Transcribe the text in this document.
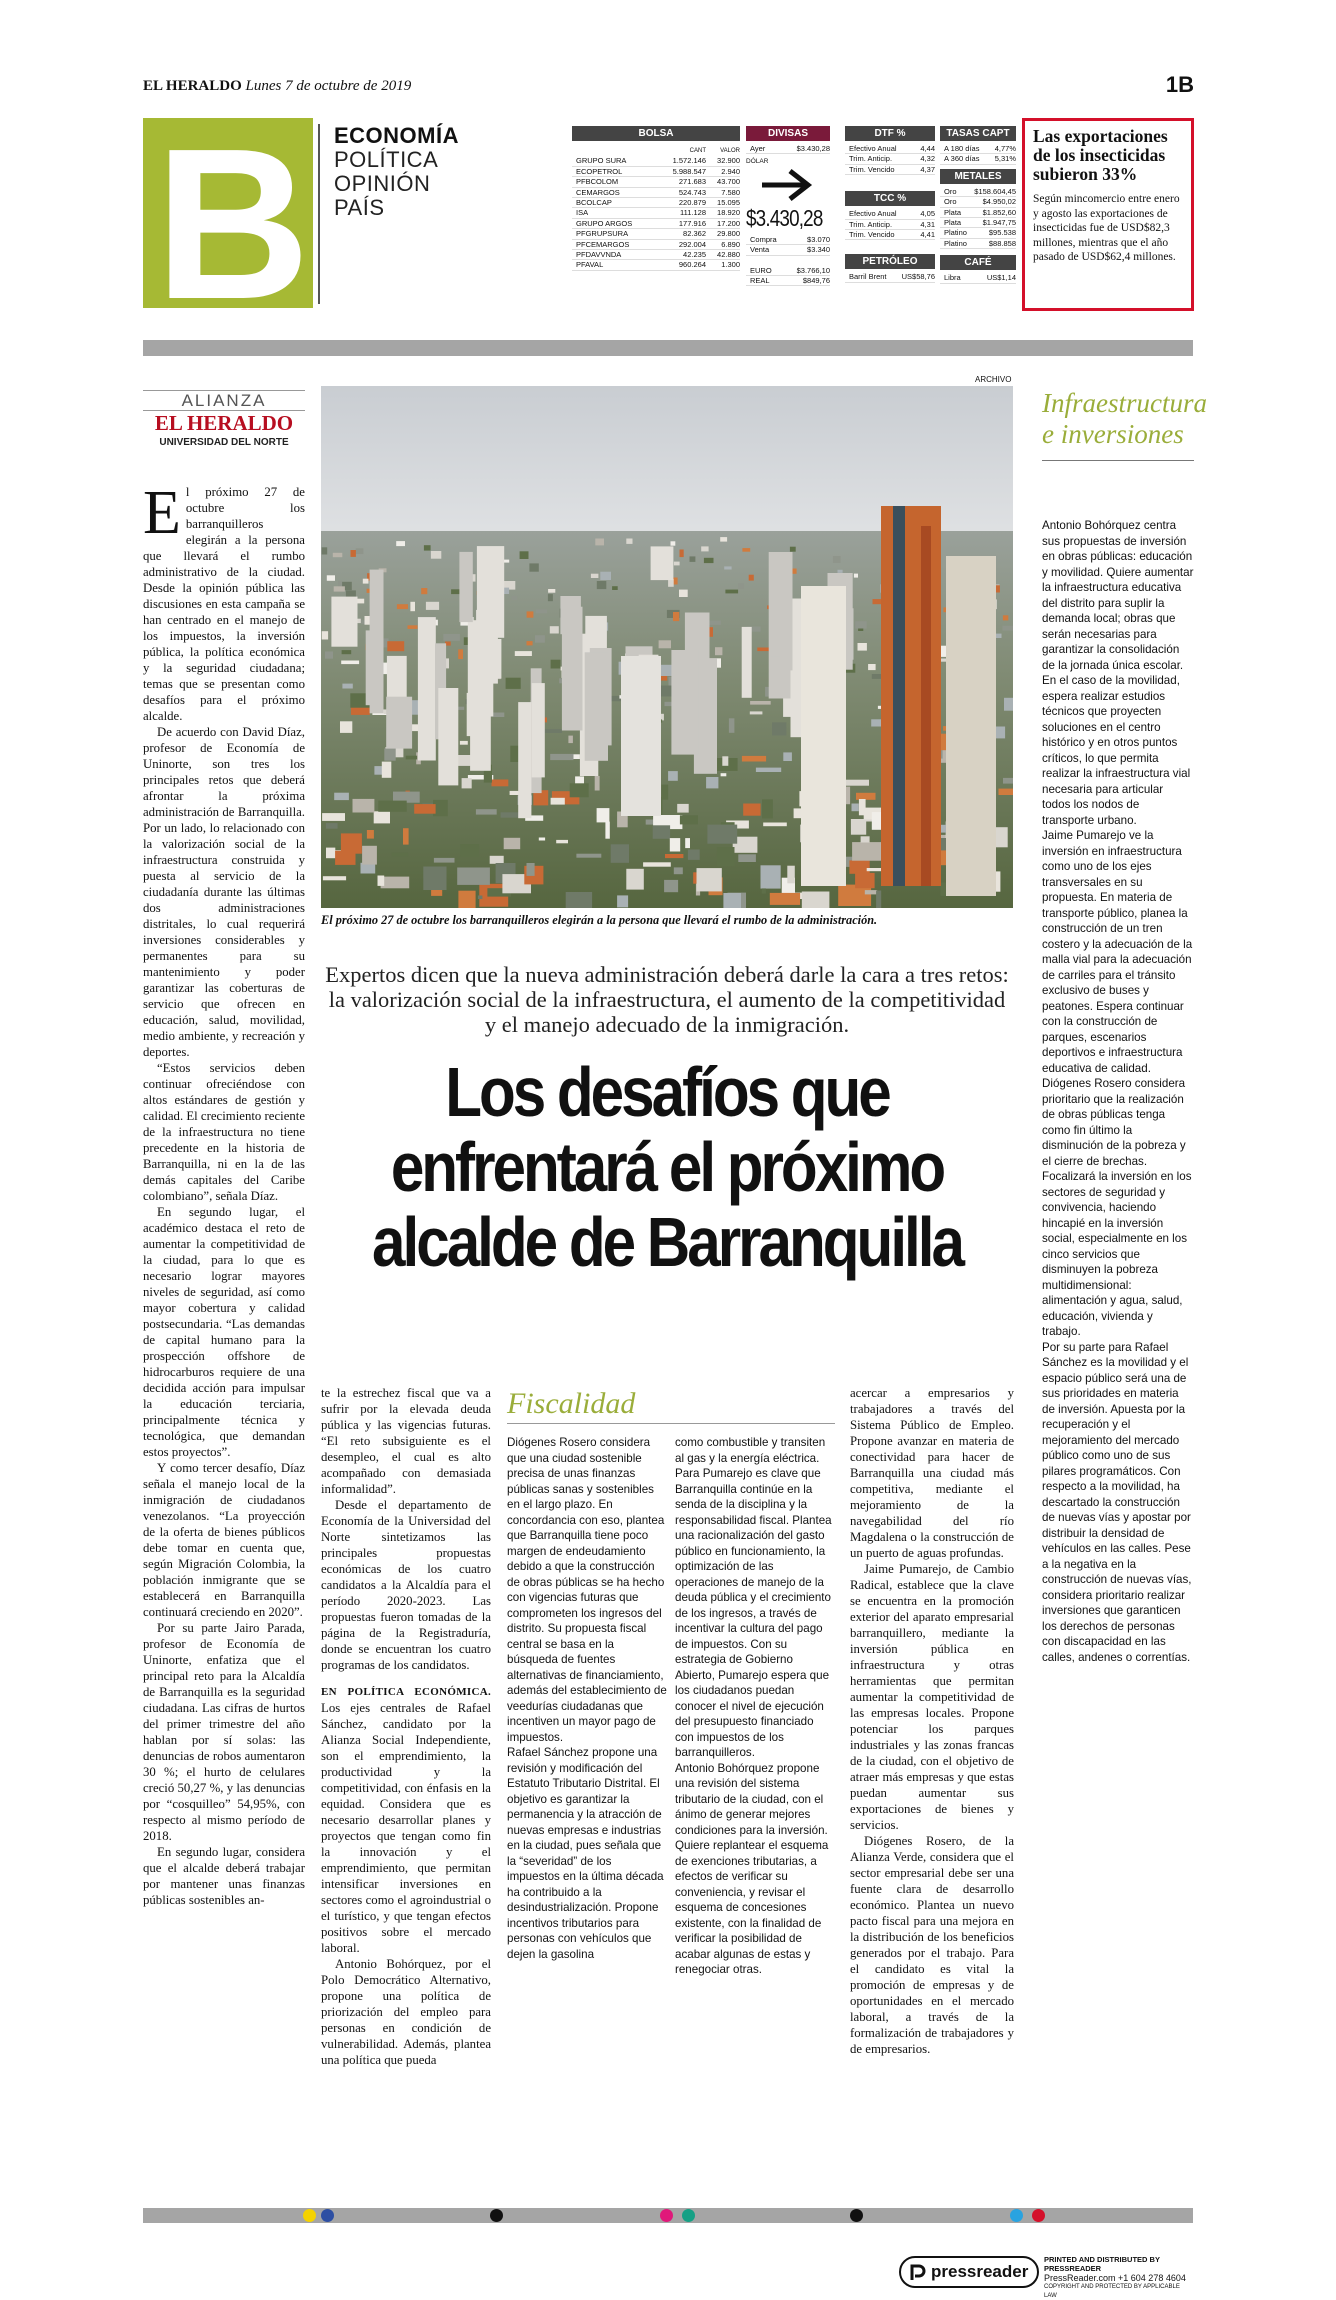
EL HERALDO Lunes 7 de octubre de 2019	1B
B ECONOMÍA
POLÍTICA
OPINIÓN
PAÍS
BOLSA
CANT	VALOR
GRUPO SURA	1.572.146	32.900
ECOPETROL	5.988.547	2.940
PFBCOLOM	271.683	43.700
CEMARGOS	524.743	7.580
BCOLCAP	220.879	15.095
ISA	111.128	18.920
GRUPO ARGOS	177.916	17.200
PFGRUPSURA	82.362	29.800
PFCEMARGOS	292.004	6.890
PFDAVVNDA	42.235	42.880
PFAVAL	960.264	1.300
DIVISAS
Ayer	$3.430,28
DÓLAR
$3.430,28
Compra	$3.070
Venta	$3.340
EURO	$3.766,10
REAL	$849,76
DTF %
Efectivo Anual	4,44
Trim. Anticip.	4,32
Trim. Vencido	4,37
TCC %
Efectivo Anual	4,05
Trim. Anticip.	4,31
Trim. Vencido	4,41
PETRÓLEO
Barril Brent	US$58,76
TASAS CAPT
A 180 días	4,77%
A 360 días	5,31%
METALES
Oro	$158.604,45
Oro	$4.950,02
Plata	$1.852,60
Plata	$1.947,75
Platino	$95.538
Platino	$88.858
CAFÉ
Libra	US$1,14
Las exportaciones de los insecticidas subieron 33%
Según mincomercio entre enero y agosto las exportaciones de insecticidas fue de USD$82,3 millones, mientras que el año pasado de USD$62,4 millones.
ALIANZA
EL HERALDO
UNIVERSIDAD DEL NORTE
ARCHIVO
El próximo 27 de octubre los barranquilleros elegirán a la persona que llevará el rumbo de la administración.
Expertos dicen que la nueva administración deberá darle la cara a tres retos: la valorización social de la infraestructura, el aumento de la competitividad y el manejo adecuado de la inmigración.
Los desafíos que enfrentará el próximo alcalde de Barranquilla
E l próximo 27 de octubre los barranquilleros elegirán a la persona que llevará el rumbo administrativo de la ciudad. Desde la opinión pública las discusiones en esta campaña se han centrado en el manejo de los impuestos, la inversión pública, la política económica y la seguridad ciudadana; temas que se presentan como desafíos para el próximo alcalde.

De acuerdo con David Díaz, profesor de Economía de Uninorte, son tres los principales retos que deberá afrontar la próxima administración de Barranquilla. Por un lado, lo relacionado con la valorización social de la infraestructura construida y puesta al servicio de la ciudadanía durante las últimas dos administraciones distritales, lo cual requerirá inversiones considerables y permanentes para su mantenimiento y poder garantizar las coberturas de servicio que ofrecen en educación, salud, movilidad, medio ambiente, y recreación y deportes.

“Estos servicios deben continuar ofreciéndose con altos estándares de gestión y calidad. El crecimiento reciente de la infraestructura no tiene precedente en la historia de Barranquilla, ni en la de las demás capitales del Caribe colombiano”, señala Díaz.

En segundo lugar, el académico destaca el reto de aumentar la competitividad de la ciudad, para lo que es necesario lograr mayores niveles de seguridad, así como mayor cobertura y calidad postsecundaria. “Las demandas de capital humano para la prospección offshore de hidrocarburos requiere de una decidida acción para impulsar la educación terciaria, principalmente técnica y tecnológica, que demandan estos proyectos”.

Y como tercer desafío, Díaz señala el manejo local de la inmigración de ciudadanos venezolanos. “La proyección de la oferta de bienes públicos debe tomar en cuenta que, según Migración Colombia, la población inmigrante que se establecerá en Barranquilla continuará creciendo en 2020”.

Por su parte Jairo Parada, profesor de Economía de Uninorte, enfatiza que el principal reto para la Alcaldía de Barranquilla es la seguridad ciudadana. Las cifras de hurtos del primer trimestre del año hablan por sí solas: las denuncias de robos aumentaron 30 %; el hurto de celulares creció 50,27 %, y las denuncias por “cosquilleo” 54,95%, con respecto al mismo período de 2018.

En segundo lugar, considera que el alcalde deberá trabajar por mantener unas finanzas públicas sostenibles an-

te la estrechez fiscal que va a sufrir por la elevada deuda pública y las vigencias futuras. “El reto subsiguiente es el desempleo, el cual es alto acompañado con demasiada informalidad”.

Desde el departamento de Economía de la Universidad del Norte sintetizamos las principales propuestas económicas de los cuatro candidatos a la Alcaldía para el período 2020-2023. Las propuestas fueron tomadas de la página de la Registraduría, donde se encuentran los cuatro programas de los candidatos.

EN POLÍTICA ECONÓMICA. Los ejes centrales de Rafael Sánchez, candidato por la Alianza Social Independiente, son el emprendimiento, la productividad y la competitividad, con énfasis en la equidad. Considera que es necesario desarrollar planes y proyectos que tengan como fin la innovación y el emprendimiento, que permitan intensificar inversiones en sectores como el agroindustrial o el turístico, y que tengan efectos positivos sobre el mercado laboral.

Antonio Bohórquez, por el Polo Democrático Alternativo, propone una política de priorización del empleo para personas en condición de vulnerabilidad. Además, plantea una política que pueda

Fiscalidad

Diógenes Rosero considera que una ciudad sostenible precisa de unas finanzas públicas sanas y sostenibles en el largo plazo. En concordancia con eso, plantea que Barranquilla tiene poco margen de endeudamiento debido a que la construcción de obras públicas se ha hecho con vigencias futuras que comprometen los ingresos del distrito. Su propuesta fiscal central se basa en la búsqueda de fuentes alternativas de financiamiento, además del establecimiento de veedurías ciudadanas que incentiven un mayor pago de impuestos.

Rafael Sánchez propone una revisión y modificación del Estatuto Tributario Distrital. El objetivo es garantizar la permanencia y la atracción de nuevas empresas e industrias en la ciudad, pues señala que la “severidad” de los impuestos en la última década ha contribuido a la desindustrialización. Propone incentivos tributarios para personas con vehículos que dejen la gasolina

como combustible y transiten al gas y la energía eléctrica.

Para Pumarejo es clave que Barranquilla continúe en la senda de la disciplina y la responsabilidad fiscal. Plantea una racionalización del gasto público en funcionamiento, la optimización de las operaciones de manejo de la deuda pública y el crecimiento de los ingresos, a través de incentivar la cultura del pago de impuestos. Con su estrategia de Gobierno Abierto, Pumarejo espera que los ciudadanos puedan conocer el nivel de ejecución del presupuesto financiado con impuestos de los barranquilleros.

Antonio Bohórquez propone una revisión del sistema tributario de la ciudad, con el ánimo de generar mejores condiciones para la inversión. Quiere replantear el esquema de exenciones tributarias, a efectos de verificar su conveniencia, y revisar el esquema de concesiones existente, con la finalidad de verificar la posibilidad de acabar algunas de estas y renegociar otras.

acercar a empresarios y trabajadores a través del Sistema Público de Empleo. Propone avanzar en materia de conectividad para hacer de Barranquilla una ciudad más competitiva, mediante el mejoramiento de la navegabilidad del río Magdalena o la construcción de un puerto de aguas profundas.

Jaime Pumarejo, de Cambio Radical, establece que la clave se encuentra en la promoción exterior del aparato empresarial barranquillero, mediante la inversión pública en infraestructura y otras herramientas que permitan aumentar la competitividad de las empresas locales. Propone potenciar los parques industriales y las zonas francas de la ciudad, con el objetivo de atraer más empresas y que estas puedan aumentar sus exportaciones de bienes y servicios.

Diógenes Rosero, de la Alianza Verde, considera que el sector empresarial debe ser una fuente clara de desarrollo económico. Plantea un nuevo pacto fiscal para una mejora en la distribución de los beneficios generados por el trabajo. Para el candidato es vital la promoción de empresas y de oportunidades en el mercado laboral, a través de la formalización de trabajadores y de empresarios.

Infraestructura e inversiones

Antonio Bohórquez centra sus propuestas de inversión en obras públicas: educación y movilidad. Quiere aumentar la infraestructura educativa del distrito para suplir la demanda local; obras que serán necesarias para garantizar la consolidación de la jornada única escolar. En el caso de la movilidad, espera realizar estudios técnicos que proyecten soluciones en el centro histórico y en otros puntos críticos, lo que permita realizar la infraestructura vial necesaria para articular todos los nodos de transporte urbano.

Jaime Pumarejo ve la inversión en infraestructura como uno de los ejes transversales en su propuesta. En materia de transporte público, planea la construcción de un tren costero y la adecuación de la malla vial para la adecuación de carriles para el tránsito exclusivo de buses y peatones. Espera continuar con la construcción de parques, escenarios deportivos e infraestructura educativa de calidad.

Diógenes Rosero considera prioritario que la realización de obras públicas tenga como fin último la disminución de la pobreza y el cierre de brechas. Focalizará la inversión en los sectores de seguridad y convivencia, haciendo hincapié en la inversión social, especialmente en los cinco servicios que disminuyen la pobreza multidimensional: alimentación y agua, salud, educación, vivienda y trabajo.

Por su parte para Rafael Sánchez es la movilidad y el espacio público será una de sus prioridades en materia de inversión. Apuesta por la recuperación y el mejoramiento del mercado público como uno de sus pilares programáticos. Con respecto a la movilidad, ha descartado la construcción de nuevas vías y apostar por distribuir la densidad de vehículos en las calles. Pese a la negativa en la construcción de nuevas vías, considera prioritario realizar inversiones que garanticen los derechos de personas con discapacidad en las calles, andenes o correntías.

pressreader
PRINTED AND DISTRIBUTED BY PRESSREADER
PressReader.com +1 604 278 4604
COPYRIGHT AND PROTECTED BY APPLICABLE LAW
